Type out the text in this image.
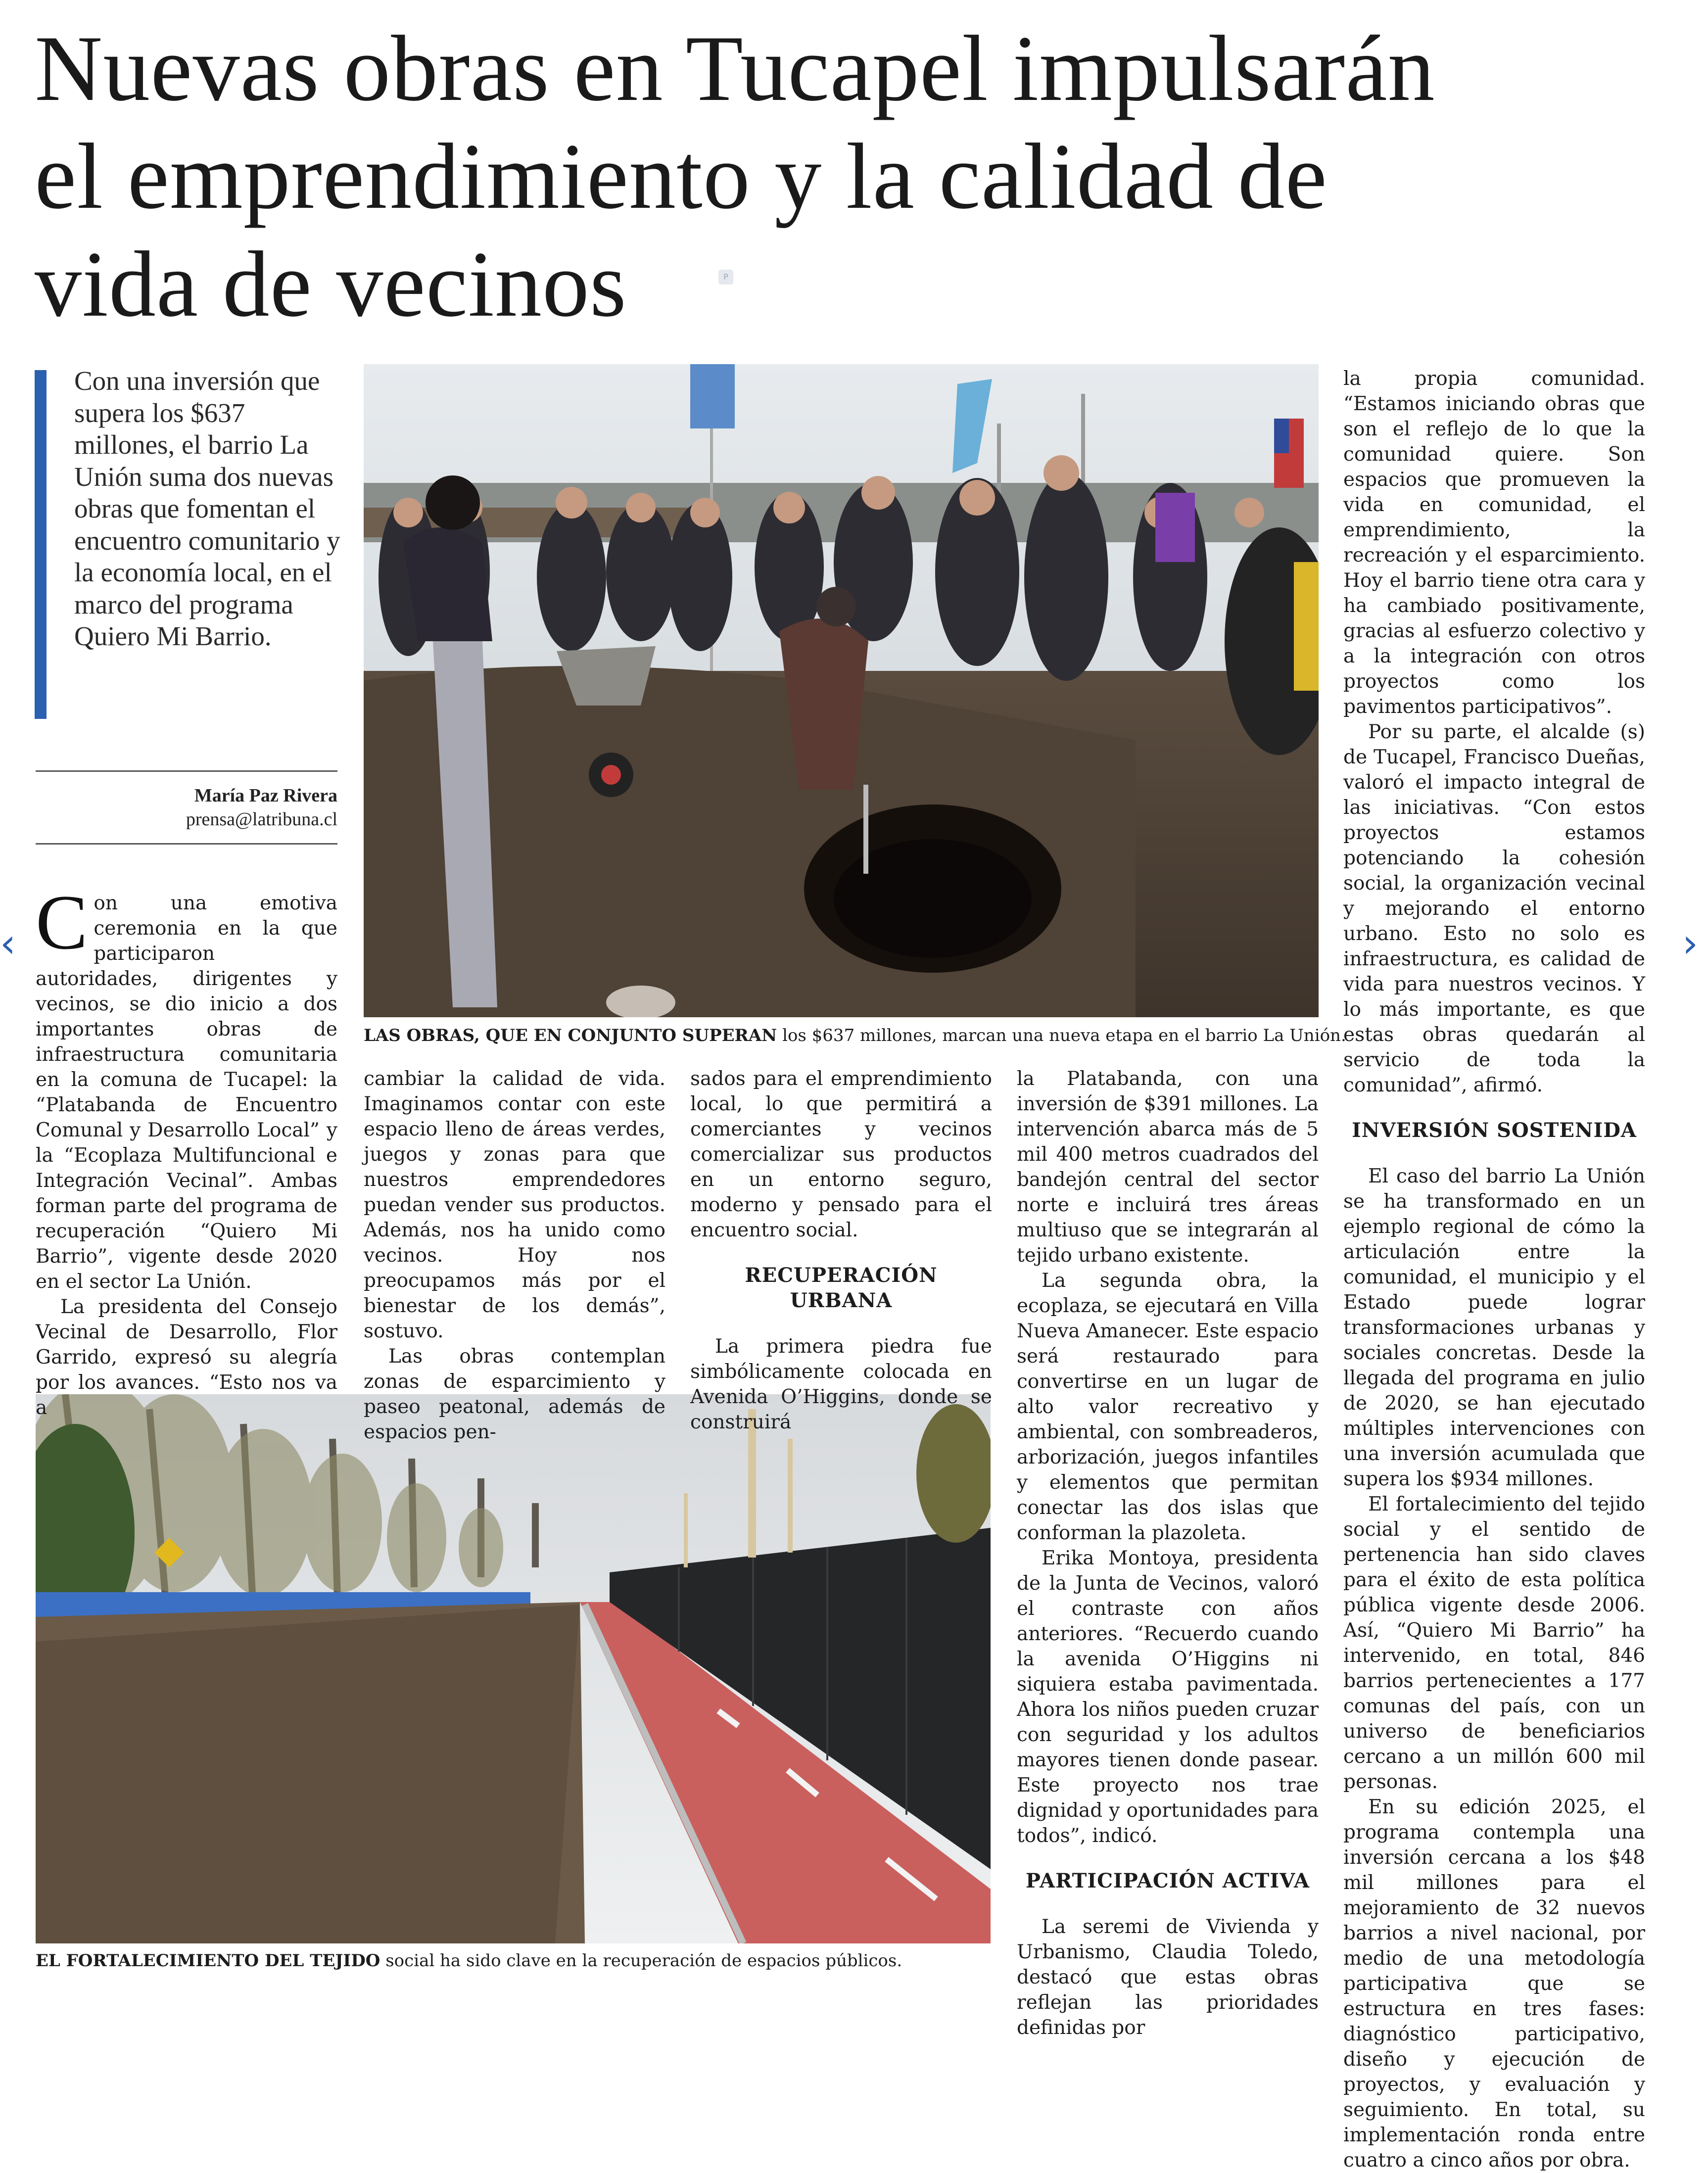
Nuevas obras en Tucapel impulsarán
el emprendimiento y la calidad de
vida de vecinos	P
‹	›
Con una inversión que supera los $637 millones, el barrio La Unión suma dos nuevas obras que fomentan el encuentro comunitario y la economía local, en el marco del programa Quiero Mi Barrio.
María Paz Rivera
prensa@latribuna.cl
LAS OBRAS, QUE EN CONJUNTO SUPERAN los $637 millones, marcan una nueva etapa en el barrio La Unión.
EL FORTALECIMIENTO DEL TEJIDO social ha sido clave en la recuperación de espacios públicos.

Con una emotiva ceremonia en la que participaron autoridades, dirigentes y vecinos, se dio inicio a dos importantes obras de infraestructura comunitaria en la comuna de Tucapel: la “Platabanda de Encuentro Comunal y Desarrollo Local” y la “Ecoplaza Multifuncional e Integración Vecinal”. Ambas forman parte del programa de recuperación “Quiero Mi Barrio”, vigente desde 2020 en el sector La Unión.

La presidenta del Consejo Vecinal de Desarrollo, Flor Garrido, expresó su alegría por los avances. “Esto nos va a

cambiar la calidad de vida. Imaginamos contar con este espacio lleno de áreas verdes, juegos y zonas para que nuestros emprendedores puedan vender sus productos. Además, nos ha unido como vecinos. Hoy nos preocupamos más por el bienestar de los demás”, sostuvo.

Las obras contemplan zonas de esparcimiento y paseo peatonal, además de espacios pen-

sados para el emprendimiento local, lo que permitirá a comerciantes y vecinos comercializar sus productos en un entorno seguro, moderno y pensado para el encuentro social.

RECUPERACIÓN URBANA

La primera piedra fue simbólicamente colocada en Avenida O’Higgins, donde se construirá

la Platabanda, con una inversión de $391 millones. La intervención abarca más de 5 mil 400 metros cuadrados del bandejón central del sector norte e incluirá tres áreas multiuso que se integrarán al tejido urbano existente.

La segunda obra, la ecoplaza, se ejecutará en Villa Nueva Amanecer. Este espacio será restaurado para convertirse en un lugar de alto valor recreativo y ambiental, con sombreaderos, arborización, juegos infantiles y elementos que permitan conectar las dos islas que conforman la plazoleta.

Erika Montoya, presidenta de la Junta de Vecinos, valoró el contraste con años anteriores. “Recuerdo cuando la avenida O’Higgins ni siquiera estaba pavimentada. Ahora los niños pueden cruzar con seguridad y los adultos mayores tienen donde pasear. Este proyecto nos trae dignidad y oportunidades para todos”, indicó.

PARTICIPACIÓN ACTIVA

La seremi de Vivienda y Urbanismo, Claudia Toledo, destacó que estas obras reflejan las prioridades definidas por

la propia comunidad. “Estamos iniciando obras que son el reflejo de lo que la comunidad quiere. Son espacios que promueven la vida en comunidad, el emprendimiento, la recreación y el esparcimiento. Hoy el barrio tiene otra cara y ha cambiado positivamente, gracias al esfuerzo colectivo y a la integración con otros proyectos como los pavimentos participativos”.

Por su parte, el alcalde (s) de Tucapel, Francisco Dueñas, valoró el impacto integral de las iniciativas. “Con estos proyectos estamos potenciando la cohesión social, la organización vecinal y mejorando el entorno urbano. Esto no solo es infraestructura, es calidad de vida para nuestros vecinos. Y lo más importante, es que estas obras quedarán al servicio de toda la comunidad”, afirmó.

INVERSIÓN SOSTENIDA

El caso del barrio La Unión se ha transformado en un ejemplo regional de cómo la articulación entre la comunidad, el municipio y el Estado puede lograr transformaciones urbanas y sociales concretas. Desde la llegada del programa en julio de 2020, se han ejecutado múltiples intervenciones con una inversión acumulada que supera los $934 millones.

El fortalecimiento del tejido social y el sentido de pertenencia han sido claves para el éxito de esta política pública vigente desde 2006. Así, “Quiero Mi Barrio” ha intervenido, en total, 846 barrios pertenecientes a 177 comunas del país, con un universo de beneficiarios cercano a un millón 600 mil personas.

En su edición 2025, el programa contempla una inversión cercana a los $48 mil millones para el mejoramiento de 32 nuevos barrios a nivel nacional, por medio de una metodología participativa que se estructura en tres fases: diagnóstico participativo, diseño y ejecución de proyectos, y evaluación y seguimiento. En total, su implementación ronda entre cuatro a cinco años por obra.
